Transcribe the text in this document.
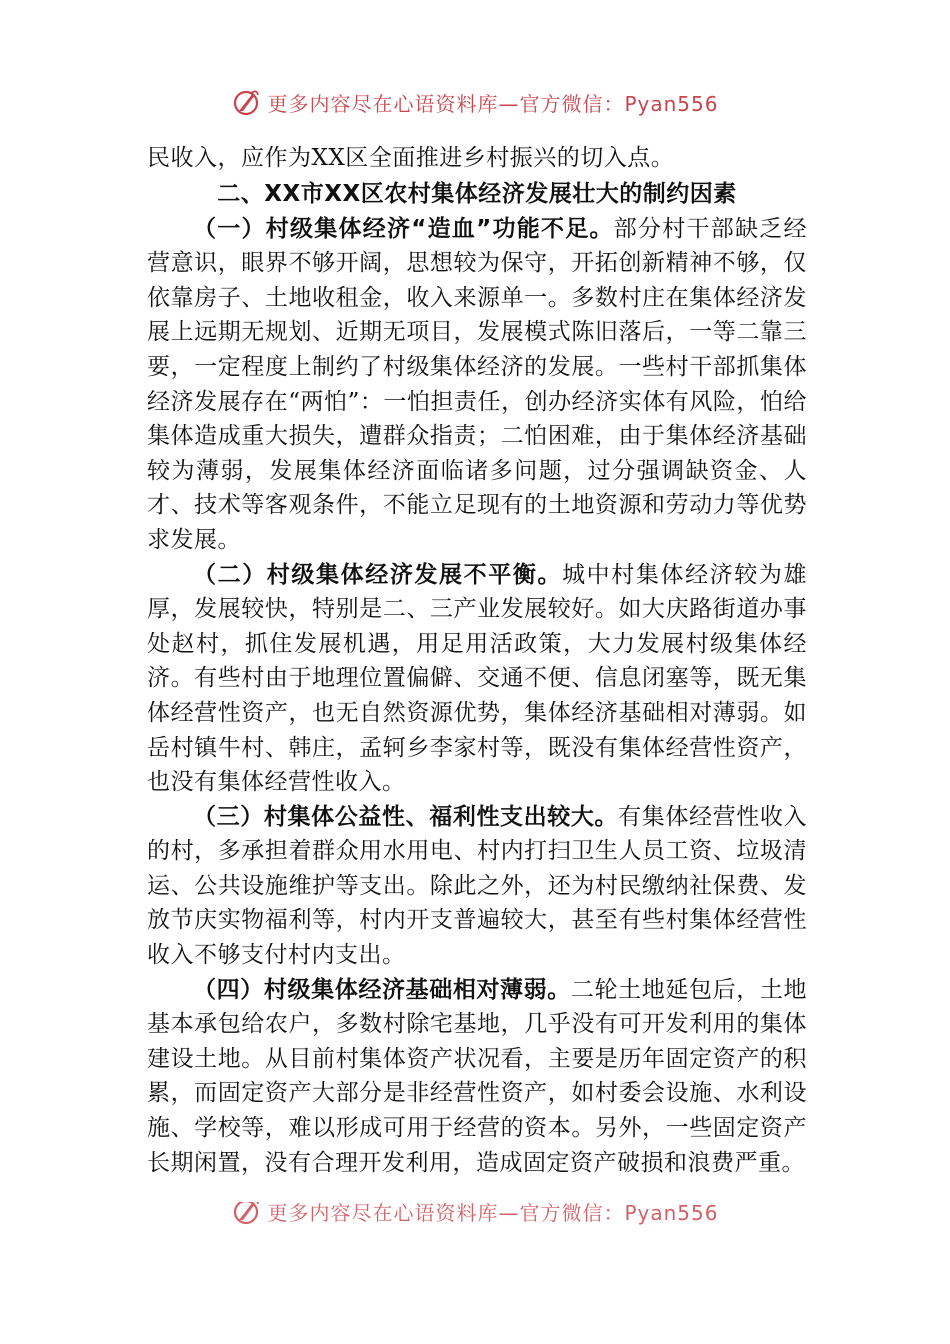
更多内容尽在心语资料库—官方微信：Pyan556

民收入，应作为XX区全面推进乡村振兴的切入点。

二、XX市XX区农村集体经济发展壮大的制约因素

（一）村级集体经济“造血”功能不足。部分村干部缺乏经营意识，眼界不够开阔，思想较为保守，开拓创新精神不够，仅依靠房子、土地收租金，收入来源单一。多数村庄在集体经济发展上远期无规划、近期无项目，发展模式陈旧落后，一等二靠三要，一定程度上制约了村级集体经济的发展。一些村干部抓集体经济发展存在“两怕”：一怕担责任，创办经济实体有风险，怕给集体造成重大损失，遭群众指责；二怕困难，由于集体经济基础较为薄弱，发展集体经济面临诸多问题，过分强调缺资金、人才、技术等客观条件，不能立足现有的土地资源和劳动力等优势求发展。

（二）村级集体经济发展不平衡。城中村集体经济较为雄厚，发展较快，特别是二、三产业发展较好。如大庆路街道办事处赵村，抓住发展机遇，用足用活政策，大力发展村级集体经济。有些村由于地理位置偏僻、交通不便、信息闭塞等，既无集体经营性资产，也无自然资源优势，集体经济基础相对薄弱。如岳村镇牛村、韩庄，孟轲乡李家村等，既没有集体经营性资产，也没有集体经营性收入。

（三）村集体公益性、福利性支出较大。有集体经营性收入的村，多承担着群众用水用电、村内打扫卫生人员工资、垃圾清运、公共设施维护等支出。除此之外，还为村民缴纳社保费、发放节庆实物福利等，村内开支普遍较大，甚至有些村集体经营性收入不够支付村内支出。

（四）村级集体经济基础相对薄弱。二轮土地延包后，土地基本承包给农户，多数村除宅基地，几乎没有可开发利用的集体建设土地。从目前村集体资产状况看，主要是历年固定资产的积累，而固定资产大部分是非经营性资产，如村委会设施、水利设施、学校等，难以形成可用于经营的资本。另外，一些固定资产长期闲置，没有合理开发利用，造成固定资产破损和浪费严重。

更多内容尽在心语资料库—官方微信：Pyan556
